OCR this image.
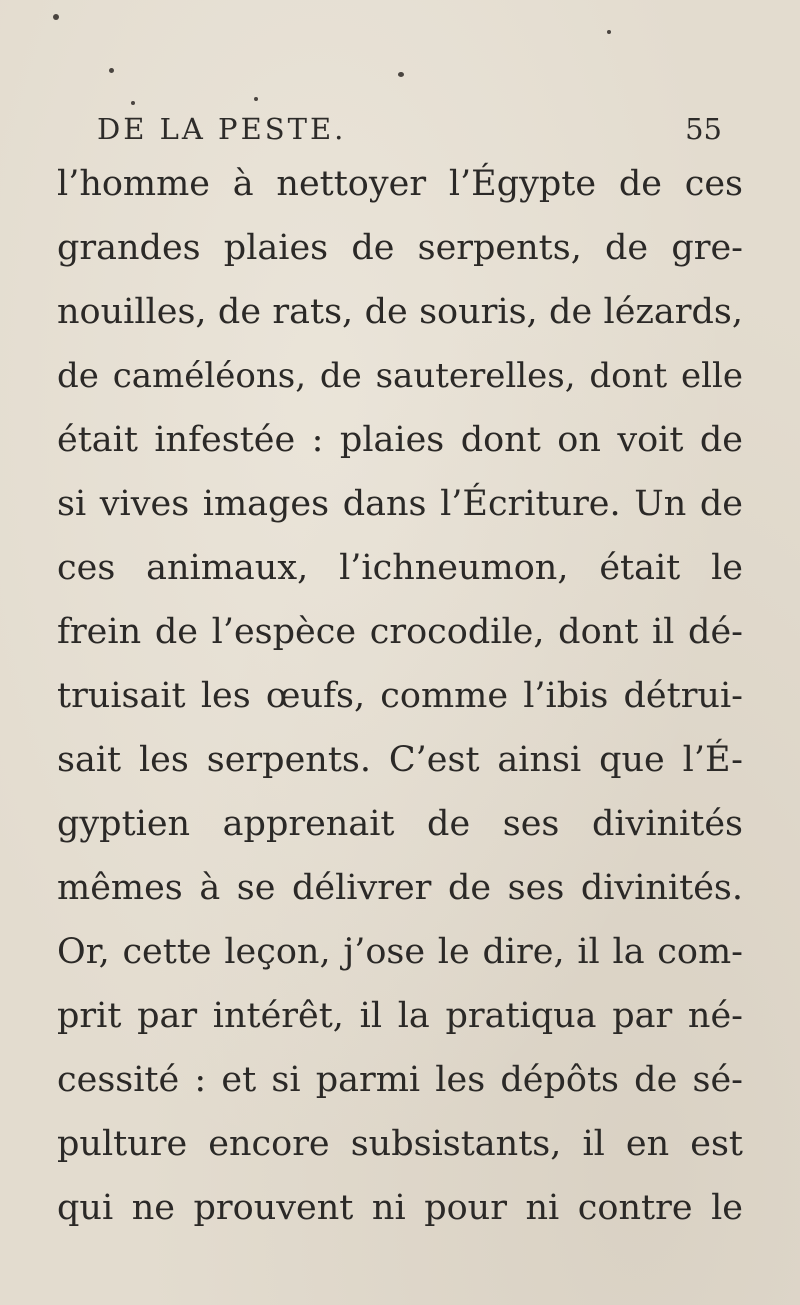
DE LA PESTE.	55
l’homme à nettoyer l’Égypte de ces
grandes plaies de serpents, de gre-
nouilles, de rats, de souris, de lézards,
de caméléons, de sauterelles, dont elle
était infestée : plaies dont on voit de
si vives images dans l’Écriture. Un de
ces animaux, l’ichneumon, était le
frein de l’espèce crocodile, dont il dé-
truisait les œufs, comme l’ibis détrui-
sait les serpents. C’est ainsi que l’É-
gyptien apprenait de ses divinités
mêmes à se délivrer de ses divinités.
Or, cette leçon, j’ose le dire, il la com-
prit par intérêt, il la pratiqua par né-
cessité : et si parmi les dépôts de sé-
pulture encore subsistants, il en est
qui ne prouvent ni pour ni contre le
